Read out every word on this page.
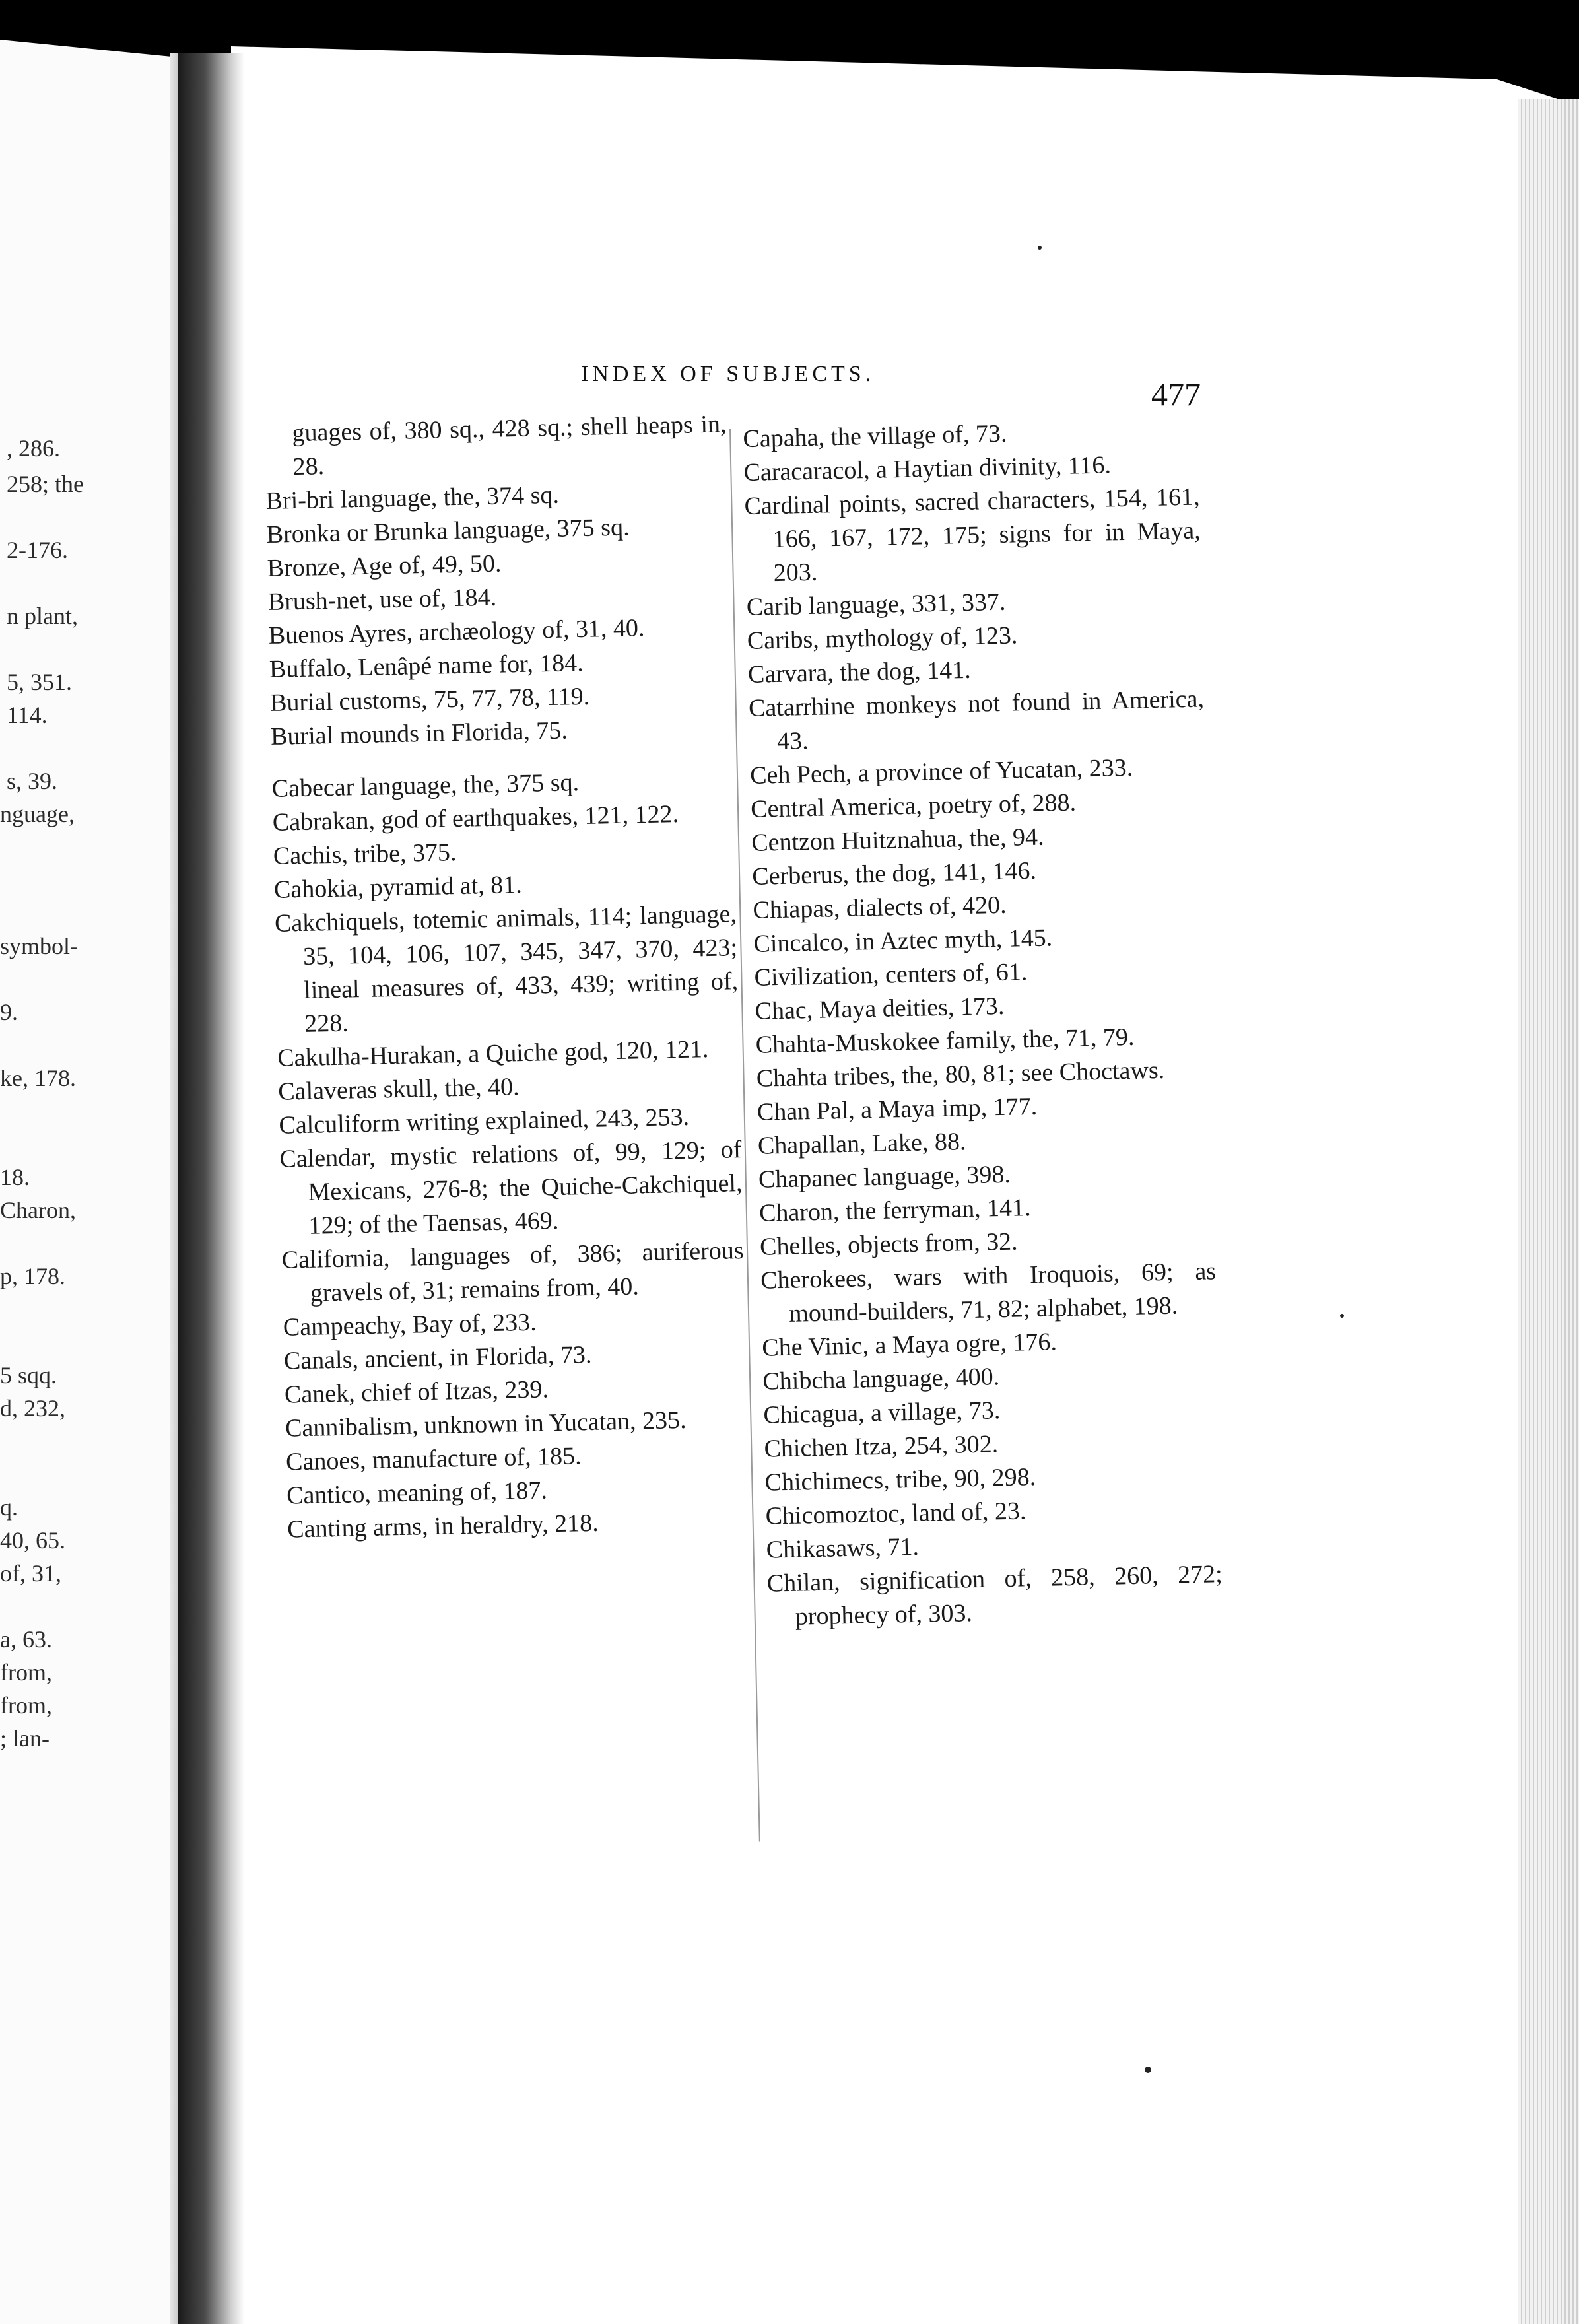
, 286.
258; the
2-176.
n plant,
5, 351.
114.
s, 39.
nguage,
symbol-
9.
ke, 178.
18.
Charon,
p, 178.
5 sqq.
d, 232,
q.
40, 65.
of, 31,
a, 63.
from,
from,
; lan-
INDEX OF SUBJECTS.
477

guages of, 380 sq., 428 sq.; shell heaps in, 28.

Bri-bri language, the, 374 sq.

Bronka or Brunka language, 375 sq.

Bronze, Age of, 49, 50.

Brush-net, use of, 184.

Buenos Ayres, archæology of, 31, 40.

Buffalo, Lenâpé name for, 184.

Burial customs, 75, 77, 78, 119.

Burial mounds in Florida, 75.

Cabecar language, the, 375 sq.

Cabrakan, god of earthquakes, 121, 122.

Cachis, tribe, 375.

Cahokia, pyramid at, 81.

Cakchiquels, totemic animals, 114; language, 35, 104, 106, 107, 345, 347, 370, 423; lineal measures of, 433, 439; writing of, 228.

Cakulha-Hurakan, a Quiche god, 120, 121.

Calaveras skull, the, 40.

Calculiform writing explained, 243, 253.

Calendar, mystic relations of, 99, 129; of Mexicans, 276-8; the Quiche-Cakchiquel, 129; of the Taensas, 469.

California, languages of, 386; auriferous gravels of, 31; remains from, 40.

Campeachy, Bay of, 233.

Canals, ancient, in Florida, 73.

Canek, chief of Itzas, 239.

Cannibalism, unknown in Yucatan, 235.

Canoes, manufacture of, 185.

Cantico, meaning of, 187.

Canting arms, in heraldry, 218.

Capaha, the village of, 73.

Caracaracol, a Haytian divinity, 116.

Cardinal points, sacred characters, 154, 161, 166, 167, 172, 175; signs for in Maya, 203.

Carib language, 331, 337.

Caribs, mythology of, 123.

Carvara, the dog, 141.

Catarrhine monkeys not found in America, 43.

Ceh Pech, a province of Yucatan, 233.

Central America, poetry of, 288.

Centzon Huitznahua, the, 94.

Cerberus, the dog, 141, 146.

Chiapas, dialects of, 420.

Cincalco, in Aztec myth, 145.

Civilization, centers of, 61.

Chac, Maya deities, 173.

Chahta-Muskokee family, the, 71, 79.

Chahta tribes, the, 80, 81; see Choctaws.

Chan Pal, a Maya imp, 177.

Chapallan, Lake, 88.

Chapanec language, 398.

Charon, the ferryman, 141.

Chelles, objects from, 32.

Cherokees, wars with Iroquois, 69; as mound-builders, 71, 82; alphabet, 198.

Che Vinic, a Maya ogre, 176.

Chibcha language, 400.

Chicagua, a village, 73.

Chichen Itza, 254, 302.

Chichimecs, tribe, 90, 298.

Chicomoztoc, land of, 23.

Chikasaws, 71.

Chilan, signification of, 258, 260, 272; prophecy of, 303.
